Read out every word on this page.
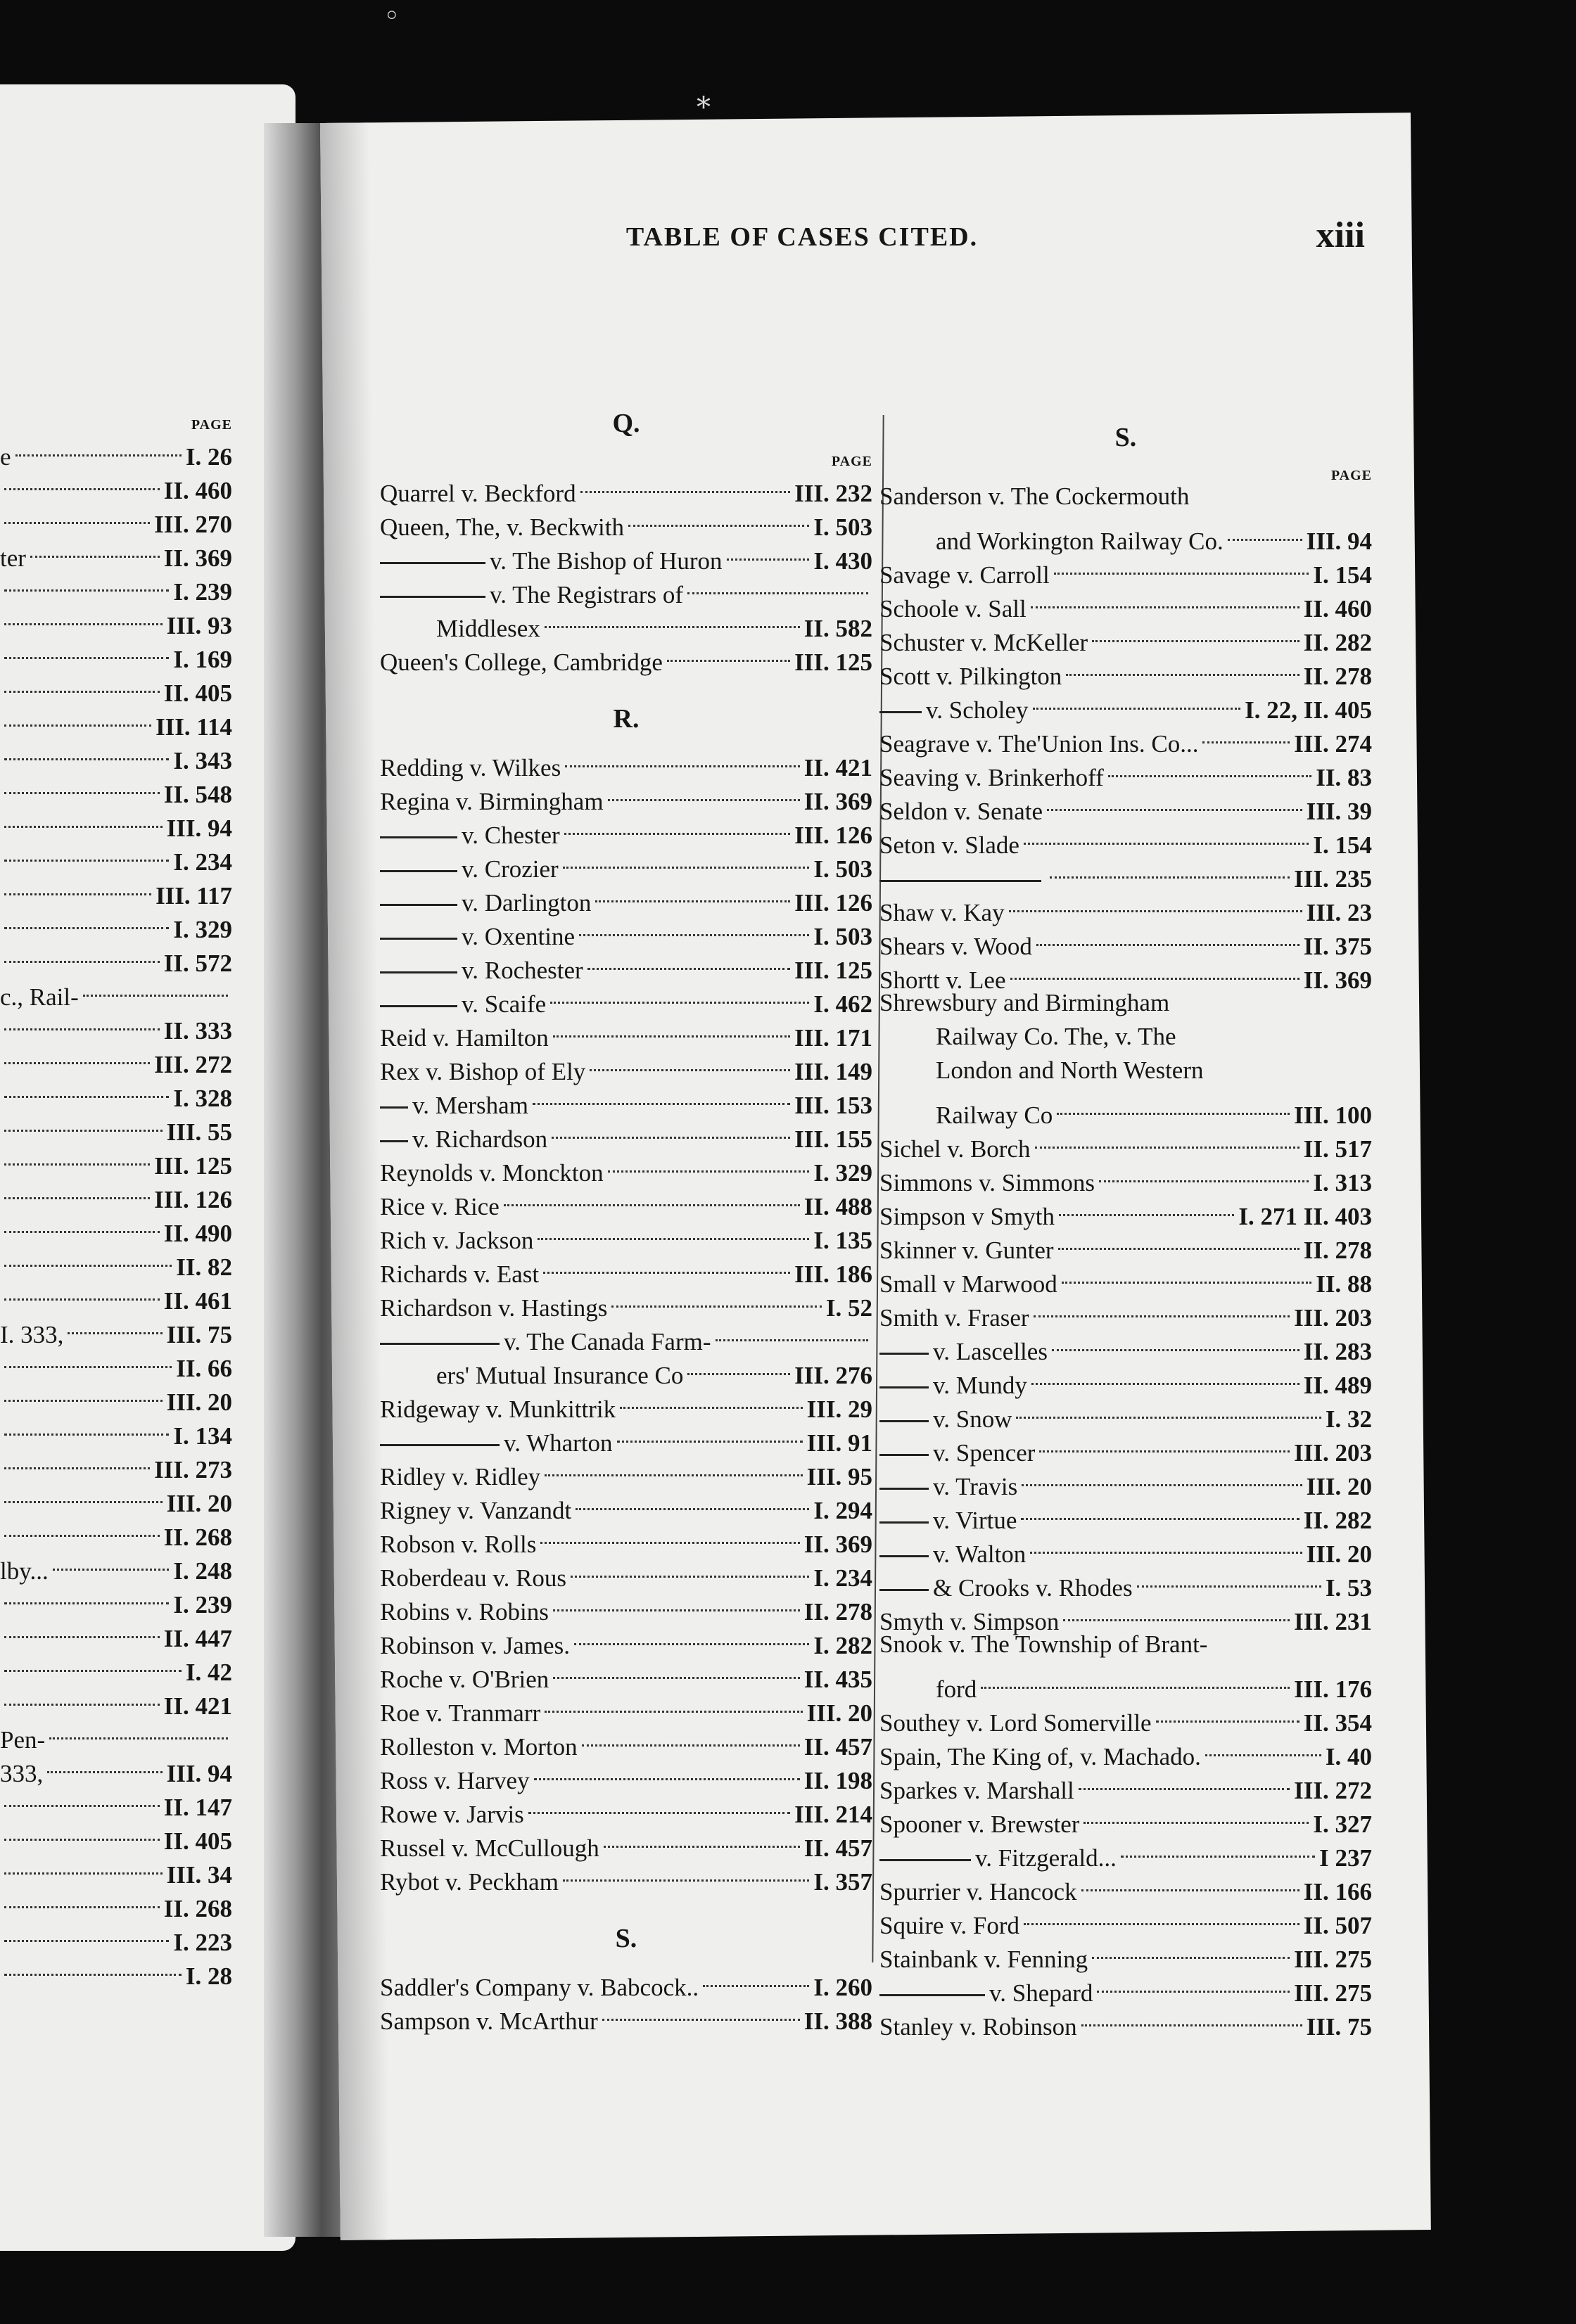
◦
*
TABLE OF CASES CITED.	xiii
PAGE
e	I. 26
II. 460
III. 270
ter	II. 369
I. 239
III. 93
I. 169
II. 405
III. 114
I. 343
II. 548
III. 94
I. 234
III. 117
I. 329
II. 572
c., Rail-
II. 333
III. 272
I. 328
III. 55
III. 125
III. 126
II. 490
II. 82
II. 461
I. 333,	III. 75
II. 66
III. 20
I. 134
III. 273
III. 20
II. 268
lby...	I. 248
I. 239
II. 447
I. 42
II. 421
Pen-
333,	III. 94
II. 147
II. 405
III. 34
II. 268
I. 223
I. 28
Q.
PAGE
Quarrel v. Beckford	III. 232
Queen, The, v. Beckwith	I. 503
v. The Bishop of Huron	I. 430
v. The Registrars of
Middlesex	II. 582
Queen's College, Cambridge	III. 125
R.
Redding v. Wilkes	II. 421
Regina v. Birmingham	II. 369
v. Chester	III. 126
v. Crozier	I. 503
v. Darlington	III. 126
v. Oxentine	I. 503
v. Rochester	III. 125
v. Scaife	I. 462
Reid v. Hamilton	III. 171
Rex v. Bishop of Ely	III. 149
v. Mersham	III. 153
v. Richardson	III. 155
Reynolds v. Monckton	I. 329
Rice v. Rice	II. 488
Rich v. Jackson	I. 135
Richards v. East	III. 186
Richardson v. Hastings	I. 52
v. The Canada Farm-
ers' Mutual Insurance Co	III. 276
Ridgeway v. Munkittrik	III. 29
v. Wharton	III. 91
Ridley v. Ridley	III. 95
Rigney v. Vanzandt	I. 294
Robson v. Rolls	II. 369
Roberdeau v. Rous	I. 234
Robins v. Robins	II. 278
Robinson v. James.	I. 282
Roche v. O'Brien	II. 435
Roe v. Tranmarr	III. 20
Rolleston v. Morton	II. 457
Ross v. Harvey	II. 198
Rowe v. Jarvis	III. 214
Russel v. McCullough	II. 457
Rybot v. Peckham	I. 357
S.
Saddler's Company v. Babcock..	I. 260
Sampson v. McArthur	II. 388
S.
PAGE
Sanderson v. The Cockermouth
and Workington Railway Co.	III. 94
Savage v. Carroll	I. 154
Schoole v. Sall	II. 460
Schuster v. McKeller	II. 282
Scott v. Pilkington	II. 278
v. Scholey	I. 22, II. 405
Seagrave v. The'Union Ins. Co...	III. 274
Seaving v. Brinkerhoff	II. 83
Seldon v. Senate	III. 39
Seton v. Slade	I. 154
III. 235
Shaw v. Kay	III. 23
Shears v. Wood	II. 375
Shortt v. Lee	II. 369
Shrewsbury and Birmingham
Railway Co. The, v. The
London and North Western
Railway Co	III. 100
Sichel v. Borch	II. 517
Simmons v. Simmons	I. 313
Simpson v Smyth	I. 271 II. 403
Skinner v. Gunter	II. 278
Small v Marwood	II. 88
Smith v. Fraser	III. 203
v. Lascelles	II. 283
v. Mundy	II. 489
v. Snow	I. 32
v. Spencer	III. 203
v. Travis	III. 20
v. Virtue	II. 282
v. Walton	III. 20
& Crooks v. Rhodes	I. 53
Smyth v. Simpson	III. 231
Snook v. The Township of Brant-
ford	III. 176
Southey v. Lord Somerville	II. 354
Spain, The King of, v. Machado.	I. 40
Sparkes v. Marshall	III. 272
Spooner v. Brewster	I. 327
v. Fitzgerald...	I 237
Spurrier v. Hancock	II. 166
Squire v. Ford	II. 507
Stainbank v. Fenning	III. 275
v. Shepard	III. 275
Stanley v. Robinson	III. 75
